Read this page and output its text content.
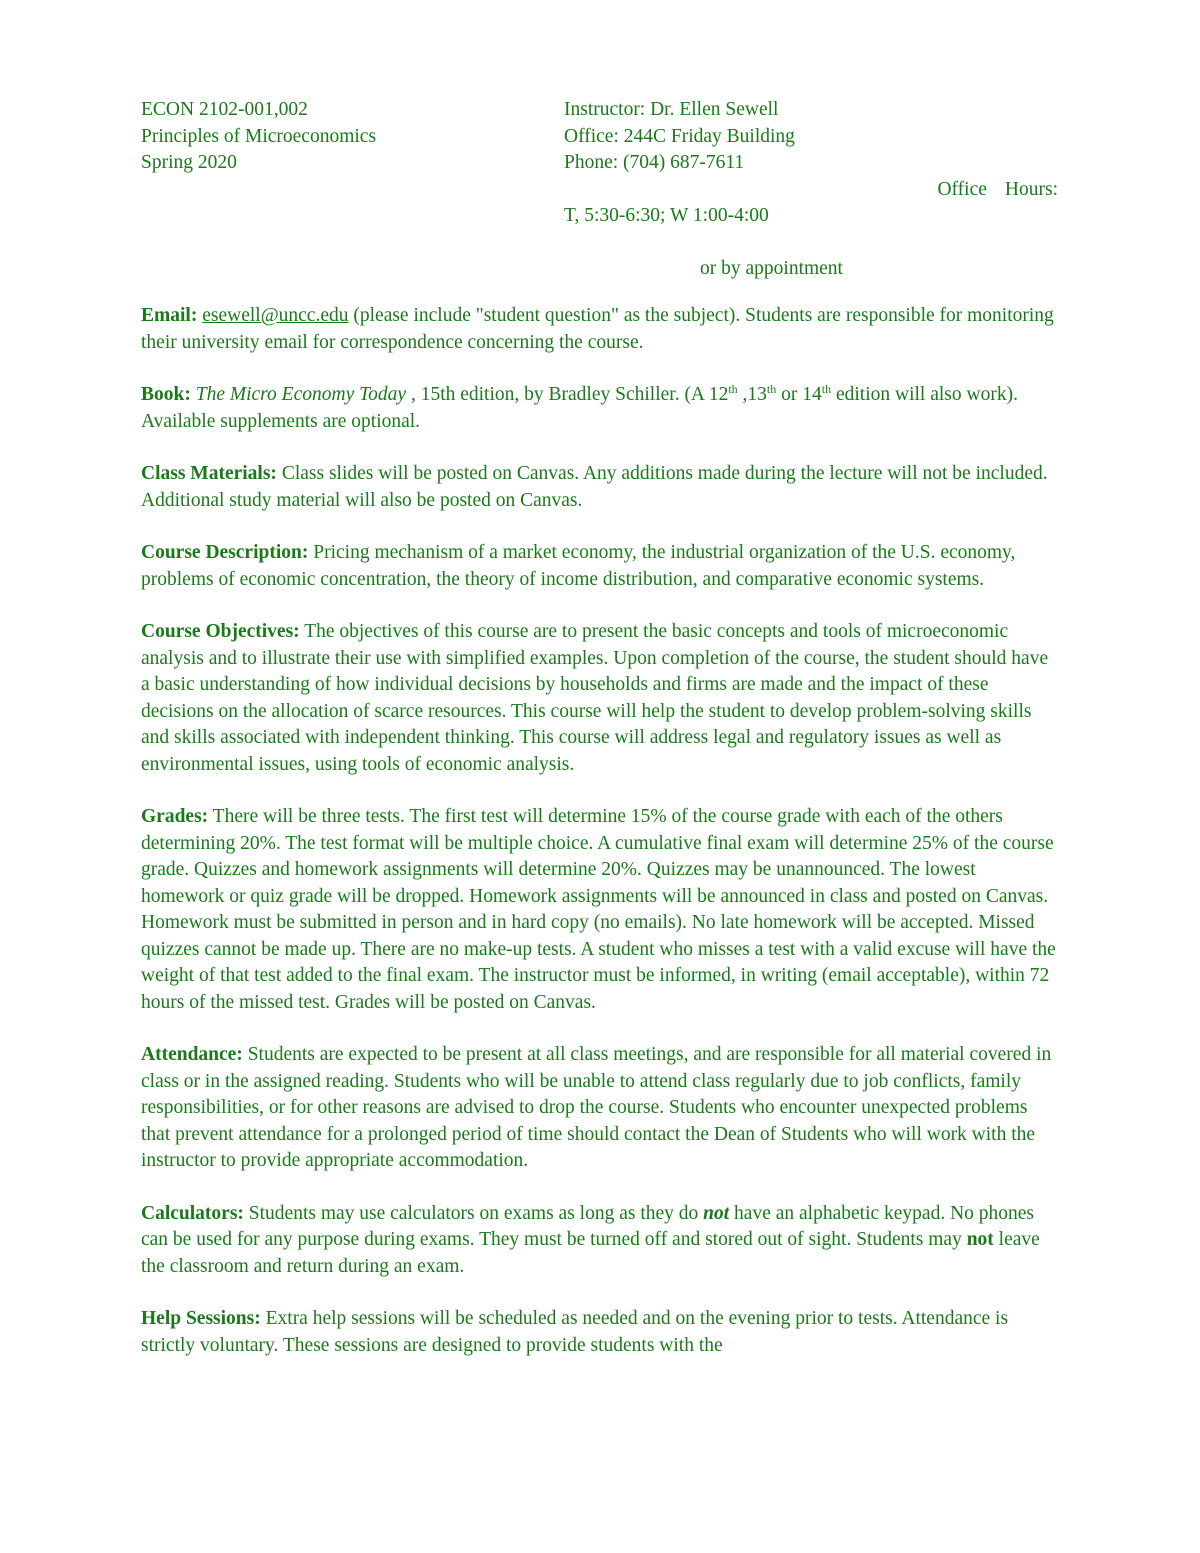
ECON 2102-001,002
Principles of Microeconomics
Spring 2020
Instructor: Dr. Ellen Sewell
Office: 244C Friday Building
Phone: (704) 687-7611
Office Hours:
T, 5:30-6:30; W 1:00-4:00
or by appointment

Email: esewell@uncc.edu (please include "student question" as the subject). Students are responsible for monitoring their university email for correspondence concerning the course.

Book: The Micro Economy Today , 15th edition, by Bradley Schiller. (A 12th ,13th or 14th edition will also work). Available supplements are optional.

Class Materials: Class slides will be posted on Canvas. Any additions made during the lecture will not be included. Additional study material will also be posted on Canvas.

Course Description: Pricing mechanism of a market economy, the industrial organization of the U.S. economy, problems of economic concentration, the theory of income distribution, and comparative economic systems.

Course Objectives: The objectives of this course are to present the basic concepts and tools of microeconomic analysis and to illustrate their use with simplified examples. Upon completion of the course, the student should have a basic understanding of how individual decisions by households and firms are made and the impact of these decisions on the allocation of scarce resources. This course will help the student to develop problem-solving skills and skills associated with independent thinking. This course will address legal and regulatory issues as well as environmental issues, using tools of economic analysis.

Grades: There will be three tests. The first test will determine 15% of the course grade with each of the others determining 20%. The test format will be multiple choice. A cumulative final exam will determine 25% of the course grade. Quizzes and homework assignments will determine 20%. Quizzes may be unannounced. The lowest homework or quiz grade will be dropped. Homework assignments will be announced in class and posted on Canvas. Homework must be submitted in person and in hard copy (no emails). No late homework will be accepted. Missed quizzes cannot be made up. There are no make-up tests. A student who misses a test with a valid excuse will have the weight of that test added to the final exam. The instructor must be informed, in writing (email acceptable), within 72 hours of the missed test. Grades will be posted on Canvas.

Attendance: Students are expected to be present at all class meetings, and are responsible for all material covered in class or in the assigned reading. Students who will be unable to attend class regularly due to job conflicts, family responsibilities, or for other reasons are advised to drop the course. Students who encounter unexpected problems that prevent attendance for a prolonged period of time should contact the Dean of Students who will work with the instructor to provide appropriate accommodation.

Calculators: Students may use calculators on exams as long as they do not have an alphabetic keypad. No phones can be used for any purpose during exams. They must be turned off and stored out of sight. Students may not leave the classroom and return during an exam.

Help Sessions: Extra help sessions will be scheduled as needed and on the evening prior to tests. Attendance is strictly voluntary. These sessions are designed to provide students with the
